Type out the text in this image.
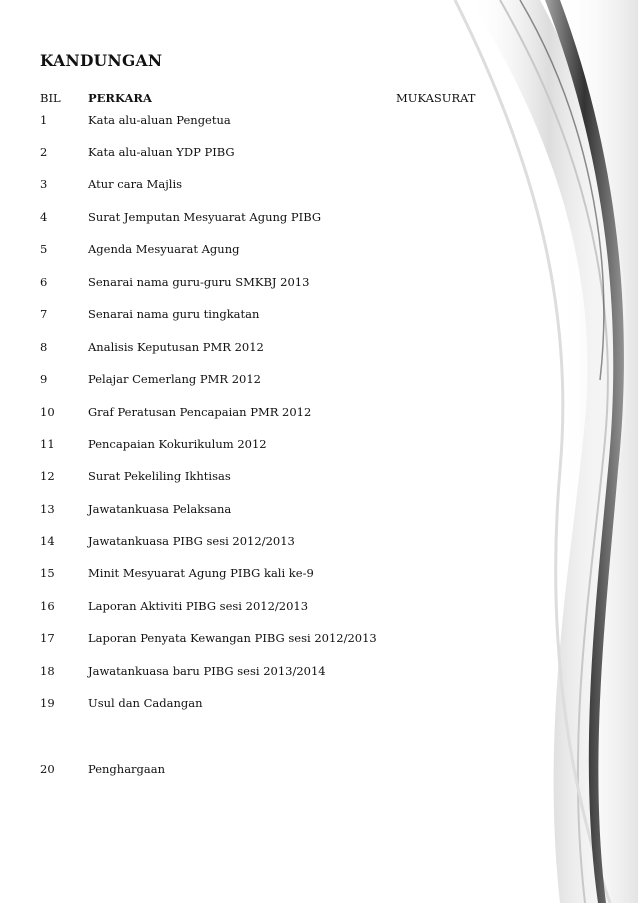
KANDUNGAN
BIL PERKARA	MUKASURAT
1	Kata alu-aluan Pengetua
2	Kata alu-aluan YDP PIBG
3	Atur cara Majlis
4	Surat Jemputan Mesyuarat Agung PIBG
5	Agenda Mesyuarat Agung
6	Senarai nama guru-guru SMKBJ 2013
7	Senarai nama guru tingkatan
8	Analisis Keputusan PMR 2012
9	Pelajar Cemerlang PMR 2012
10	Graf Peratusan Pencapaian PMR 2012
11	Pencapaian Kokurikulum 2012
12	Surat Pekeliling Ikhtisas
13	Jawatankuasa Pelaksana
14	Jawatankuasa PIBG sesi 2012/2013
15	Minit Mesyuarat Agung PIBG kali ke-9
16	Laporan Aktiviti PIBG sesi 2012/2013
17	Laporan Penyata Kewangan PIBG sesi 2012/2013
18	Jawatankuasa baru PIBG sesi 2013/2014
19	Usul dan Cadangan
20	Penghargaan
